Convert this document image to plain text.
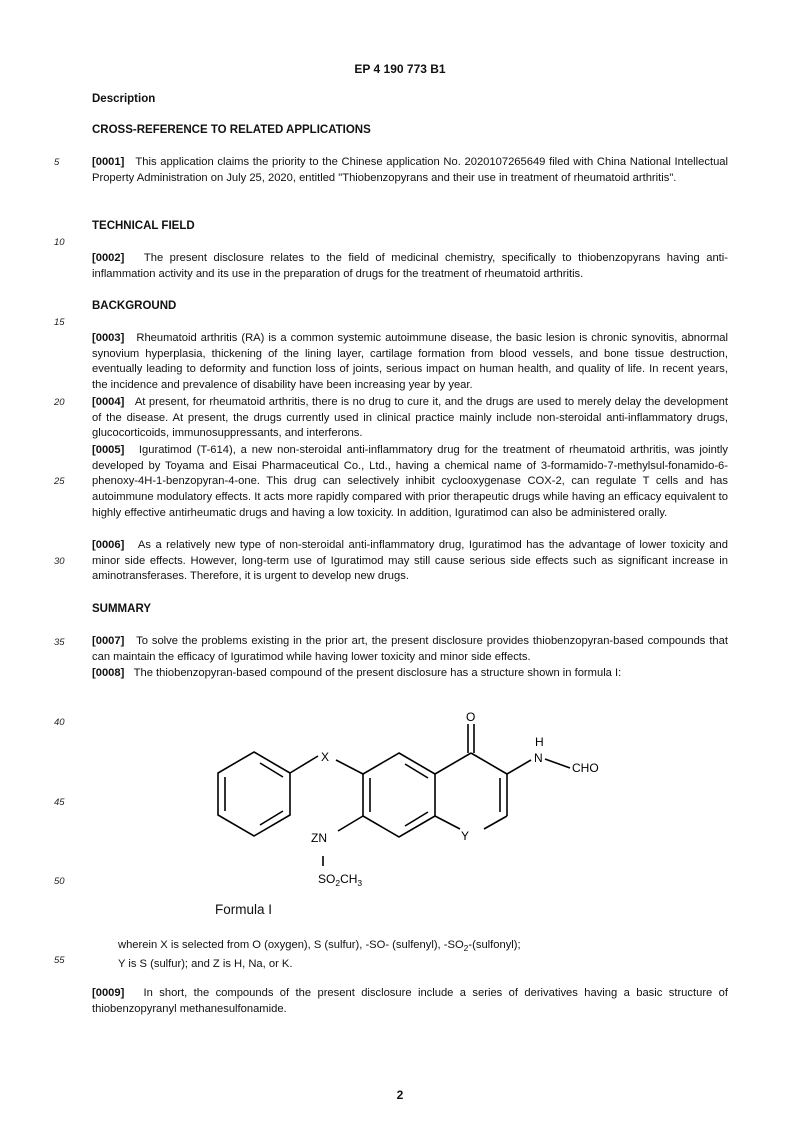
EP 4 190 773 B1
5
10
15
20
25
30
35
40
45
50
55
Description
CROSS-REFERENCE TO RELATED APPLICATIONS
TECHNICAL FIELD
BACKGROUND
SUMMARY

[0001] This application claims the priority to the Chinese application No. 2020107265649 filed with China National Intellectual Property Administration on July 25, 2020, entitled "Thiobenzopyrans and their use in treatment of rheumatoid arthritis".

[0002] The present disclosure relates to the field of medicinal chemistry, specifically to thiobenzopyrans having anti-inflammation activity and its use in the preparation of drugs for the treatment of rheumatoid arthritis.

[0003] Rheumatoid arthritis (RA) is a common systemic autoimmune disease, the basic lesion is chronic synovitis, abnormal synovium hyperplasia, thickening of the lining layer, cartilage formation from blood vessels, and bone tissue destruction, eventually leading to deformity and function loss of joints, serious impact on human health, and quality of life. In recent years, the incidence and prevalence of disability have been increasing year by year.

[0004] At present, for rheumatoid arthritis, there is no drug to cure it, and the drugs are used to merely delay the development of the disease. At present, the drugs currently used in clinical practice mainly include non-steroidal anti-inflammatory drugs, glucocorticoids, immunosuppressants, and interferons.

[0005] Iguratimod (T-614), a new non-steroidal anti-inflammatory drug for the treatment of rheumatoid arthritis, was jointly developed by Toyama and Eisai Pharmaceutical Co., Ltd., having a chemical name of 3-formamido-7-methylsul-fonamido-6-phenoxy-4H-1-benzopyran-4-one. This drug can selectively inhibit cyclooxygenase COX-2, can regulate T cells and has autoimmune modulatory effects. It acts more rapidly compared with prior therapeutic drugs while having an efficacy equivalent to highly effective antirheumatic drugs and having a low toxicity. In addition, Iguratimod can also be administered orally.

[0006] As a relatively new type of non-steroidal anti-inflammatory drug, Iguratimod has the advantage of lower toxicity and minor side effects. However, long-term use of Iguratimod may still cause serious side effects such as significant increase in aminotransferases. Therefore, it is urgent to develop new drugs.

[0007] To solve the problems existing in the prior art, the present disclosure provides thiobenzopyran-based compounds that can maintain the efficacy of Iguratimod while having lower toxicity and minor side effects.

[0008] The thiobenzopyran-based compound of the present disclosure has a structure shown in formula I:

O
X
H
N
CHO
Y
ZN
$SO_2CH_3$
Formula I
wherein X is selected from O (oxygen), S (sulfur), -SO- (sulfenyl), $-SO_2-(sulfonyl)$;
Y is S (sulfur); and Z is H, Na, or K.

[0009] In short, the compounds of the present disclosure include a series of derivatives having a basic structure of thiobenzopyranyl methanesulfonamide.

2
